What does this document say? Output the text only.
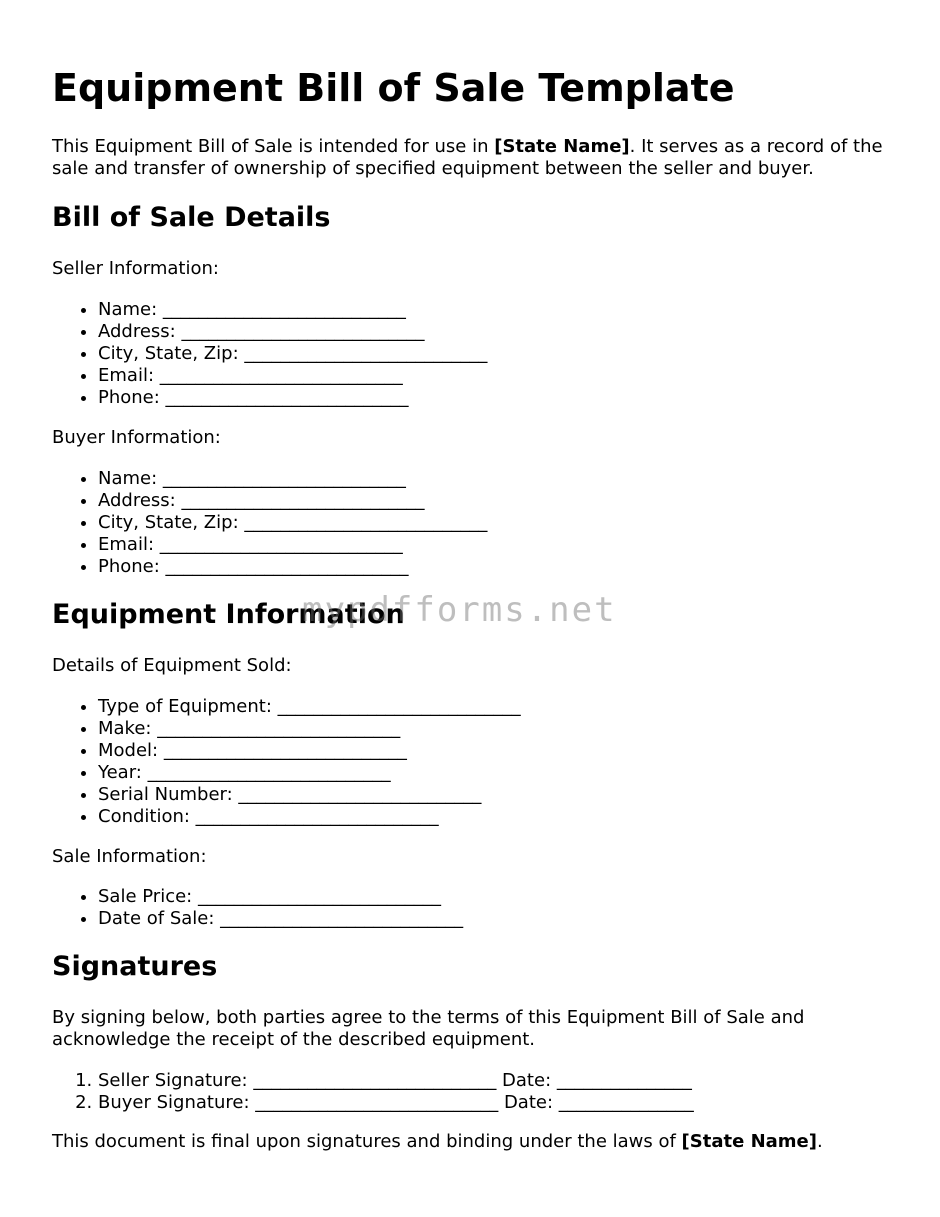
Equipment Bill of Sale Template

This Equipment Bill of Sale is intended for use in [State Name]. It serves as a record of the sale and transfer of ownership of specified equipment between the seller and buyer.

Bill of Sale Details

Seller Information:

• Name: ___________________________
• Address: ___________________________
• City, State, Zip: ___________________________
• Email: ___________________________
• Phone: ___________________________

Buyer Information:

• Name: ___________________________
• Address: ___________________________
• City, State, Zip: ___________________________
• Email: ___________________________
• Phone: ___________________________
Equipment Information

Details of Equipment Sold:

• Type of Equipment: ___________________________
• Make: ___________________________
• Model: ___________________________
• Year: ___________________________
• Serial Number: ___________________________
• Condition: ___________________________

Sale Information:

• Sale Price: ___________________________
• Date of Sale: ___________________________
Signatures

By signing below, both parties agree to the terms of this Equipment Bill of Sale and acknowledge the receipt of the described equipment.

1. Seller Signature: ___________________________ Date: _______________
2. Buyer Signature: ___________________________ Date: _______________

This document is final upon signatures and binding under the laws of [State Name].

mypdfforms.net
